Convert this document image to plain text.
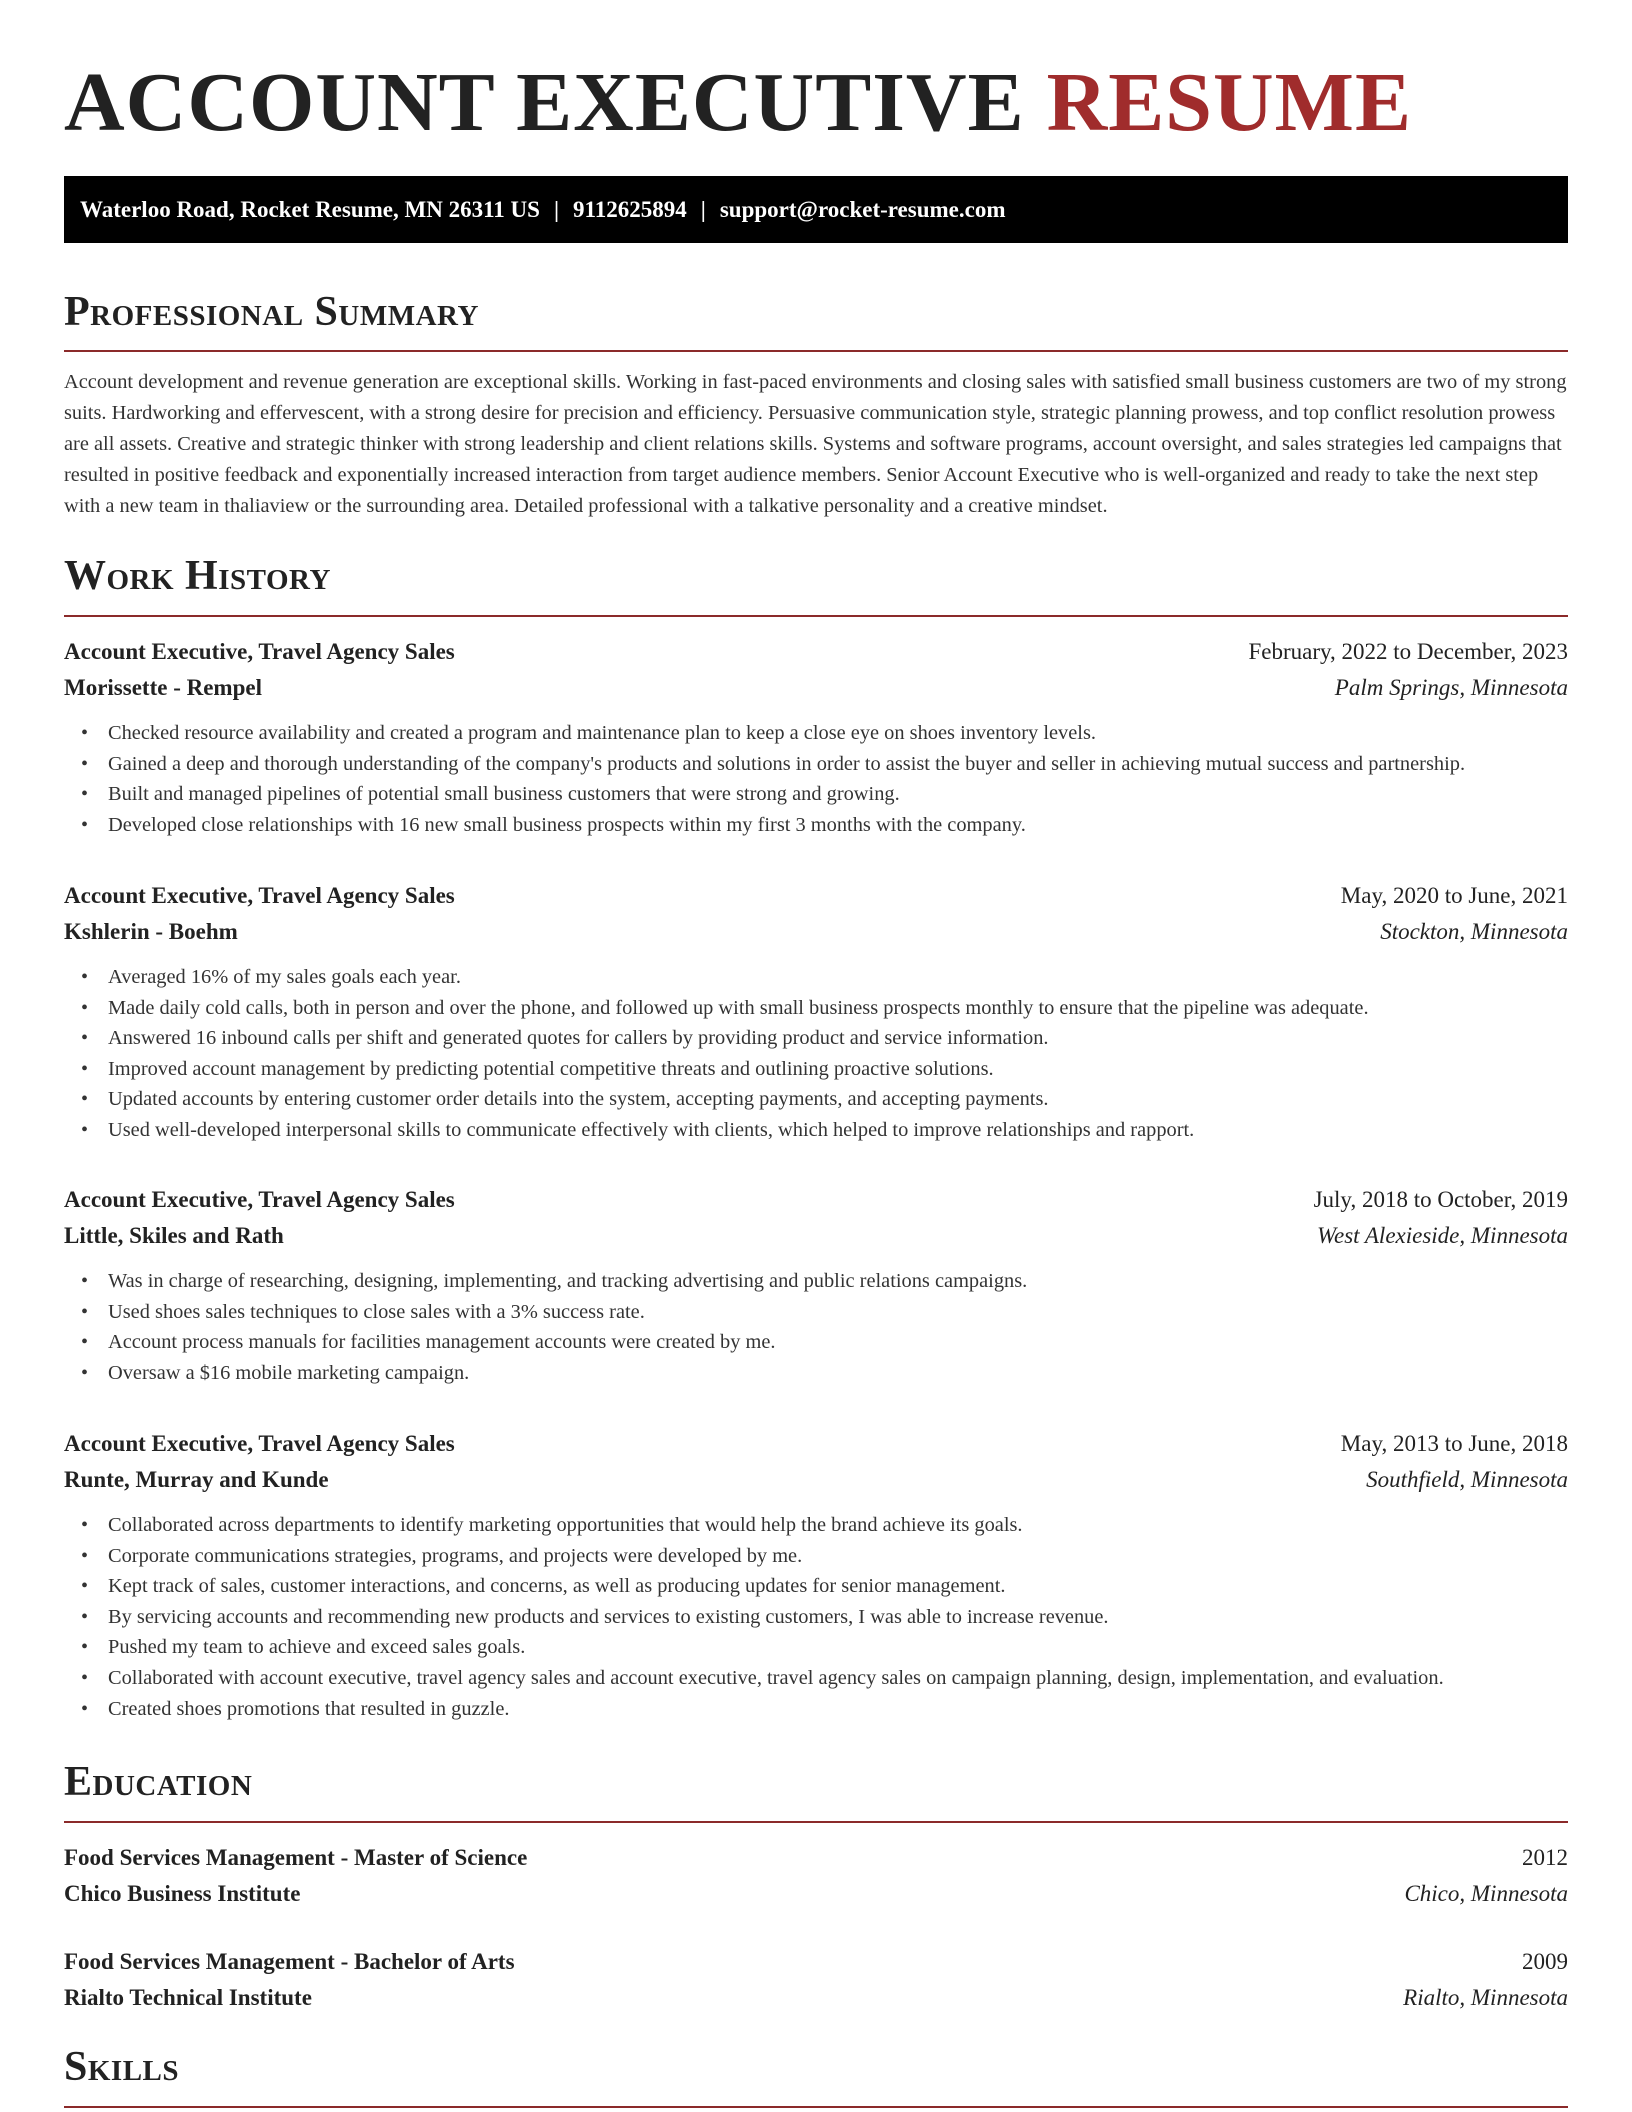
ACCOUNT EXECUTIVE RESUME
Waterloo Road, Rocket Resume, MN 26311 US | 9112625894 | support@rocket-resume.com
Professional Summary

Account development and revenue generation are exceptional skills. Working in fast-paced environments and closing sales with satisfied small business customers are two of my strong suits. Hardworking and effervescent, with a strong desire for precision and efficiency. Persuasive communication style, strategic planning prowess, and top conflict resolution prowess are all assets. Creative and strategic thinker with strong leadership and client relations skills. Systems and software programs, account oversight, and sales strategies led campaigns that resulted in positive feedback and exponentially increased interaction from target audience members. Senior Account Executive who is well-organized and ready to take the next step with a new team in thaliaview or the surrounding area. Detailed professional with a talkative personality and a creative mindset.

Work History
Account Executive, Travel Agency Sales	February, 2022 to December, 2023
Morissette - Rempel	Palm Springs, Minnesota
• Checked resource availability and created a program and maintenance plan to keep a close eye on shoes inventory levels.
• Gained a deep and thorough understanding of the company's products and solutions in order to assist the buyer and seller in achieving mutual success and partnership.
• Built and managed pipelines of potential small business customers that were strong and growing.
• Developed close relationships with 16 new small business prospects within my first 3 months with the company.
Account Executive, Travel Agency Sales	May, 2020 to June, 2021
Kshlerin - Boehm	Stockton, Minnesota
• Averaged 16% of my sales goals each year.
• Made daily cold calls, both in person and over the phone, and followed up with small business prospects monthly to ensure that the pipeline was adequate.
• Answered 16 inbound calls per shift and generated quotes for callers by providing product and service information.
• Improved account management by predicting potential competitive threats and outlining proactive solutions.
• Updated accounts by entering customer order details into the system, accepting payments, and accepting payments.
• Used well-developed interpersonal skills to communicate effectively with clients, which helped to improve relationships and rapport.
Account Executive, Travel Agency Sales	July, 2018 to October, 2019
Little, Skiles and Rath	West Alexieside, Minnesota
• Was in charge of researching, designing, implementing, and tracking advertising and public relations campaigns.
• Used shoes sales techniques to close sales with a 3% success rate.
• Account process manuals for facilities management accounts were created by me.
• Oversaw a $16 mobile marketing campaign.
Account Executive, Travel Agency Sales	May, 2013 to June, 2018
Runte, Murray and Kunde	Southfield, Minnesota
• Collaborated across departments to identify marketing opportunities that would help the brand achieve its goals.
• Corporate communications strategies, programs, and projects were developed by me.
• Kept track of sales, customer interactions, and concerns, as well as producing updates for senior management.
• By servicing accounts and recommending new products and services to existing customers, I was able to increase revenue.
• Pushed my team to achieve and exceed sales goals.
• Collaborated with account executive, travel agency sales and account executive, travel agency sales on campaign planning, design, implementation, and evaluation.
• Created shoes promotions that resulted in guzzle.
Education
Food Services Management - Master of Science	2012
Chico Business Institute	Chico, Minnesota
Food Services Management - Bachelor of Arts	2009
Rialto Technical Institute	Rialto, Minnesota
Skills
